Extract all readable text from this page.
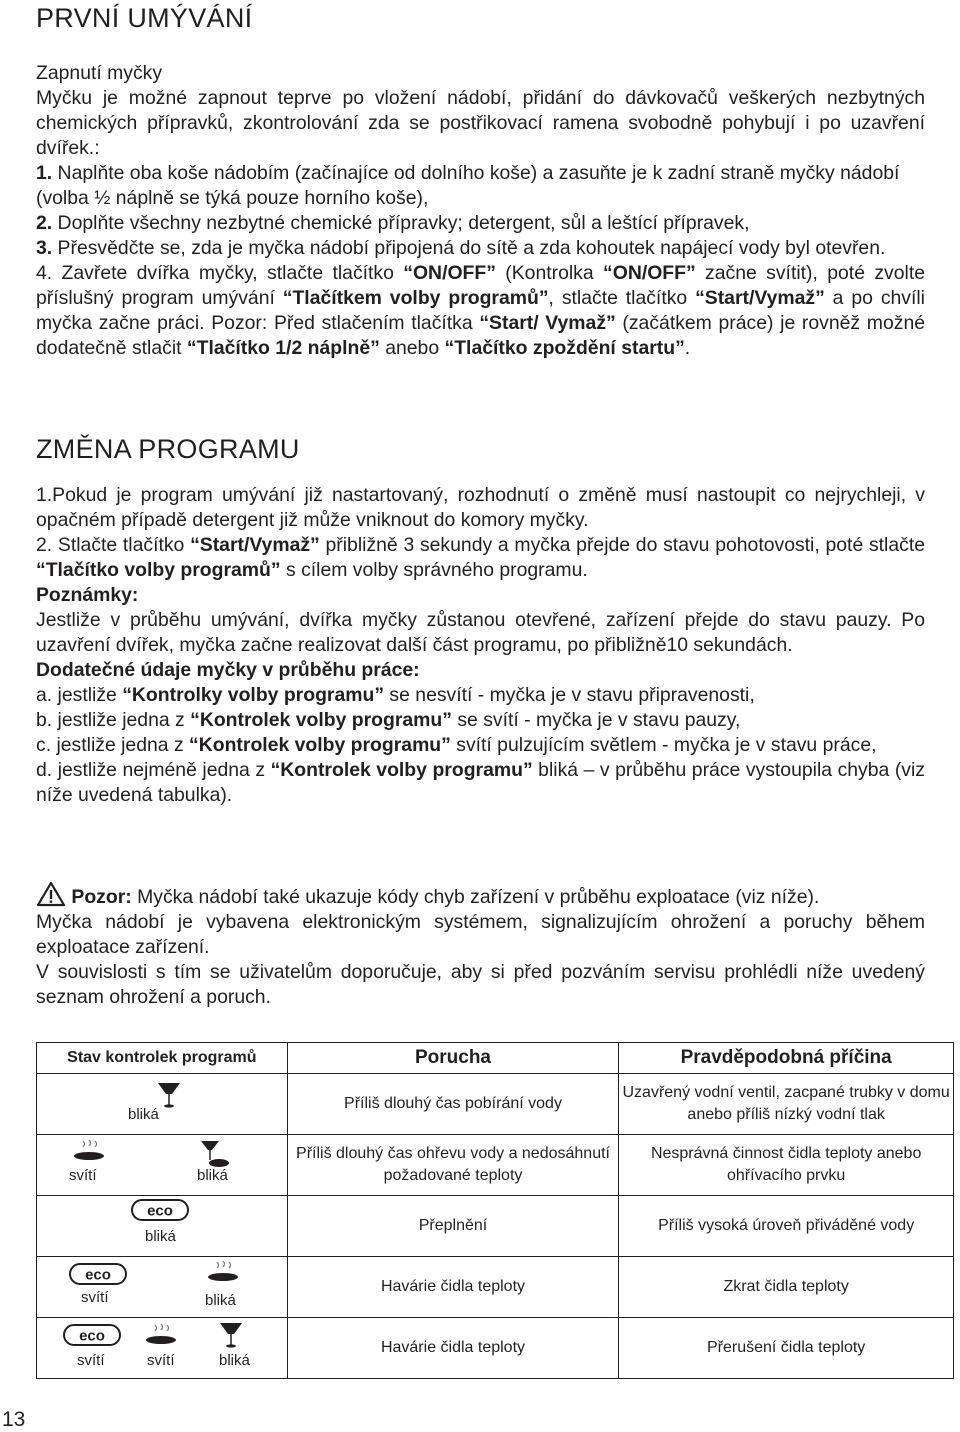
PRVNÍ UMÝVÁNÍ

Zapnutí myčky

Myčku je možné zapnout teprve po vložení nádobí, přidání do dávkovačů veškerých nezbytných chemických přípravků, zkontrolování zda se postřikovací ramena svobodně pohybují i po uzavření dvířek.:

1. Naplňte oba koše nádobím (začínajíce od dolního koše) a zasuňte je k zadní straně myčky nádobí (volba ½ náplně se týká pouze horního koše),

2. Doplňte všechny nezbytné chemické přípravky; detergent, sůl a leštící přípravek,

3. Přesvědčte se, zda je myčka nádobí připojená do sítě a zda kohoutek napájecí vody byl otevřen.

4. Zavřete dvířka myčky, stlačte tlačítko “ON/OFF” (Kontrolka “ON/OFF” začne svítit), poté zvolte příslušný program umývání “Tlačítkem volby programů”, stlačte tlačítko “Start/Vymaž” a po chvíli myčka začne práci. Pozor: Před stlačením tlačítka “Start/ Vymaž” (začátkem práce) je rovněž možné dodatečně stlačit “Tlačítko 1/2 náplně” anebo “Tlačítko zpoždění startu”.

ZMĚNA PROGRAMU

1.Pokud je program umývání již nastartovaný, rozhodnutí o změně musí nastoupit co nejrychleji, v opačném případě detergent již může vniknout do komory myčky.

2. Stlačte tlačítko “Start/Vymaž” přibližně 3 sekundy a myčka přejde do stavu pohotovosti, poté stlačte “Tlačítko volby programů” s cílem volby správného programu.

Poznámky:

Jestliže v průběhu umývání, dvířka myčky zůstanou otevřené, zařízení přejde do stavu pauzy. Po uzavření dvířek, myčka začne realizovat další část programu, po přibližně10 sekundách.

Dodatečné údaje myčky v průběhu práce:

a. jestliže “Kontrolky volby programu” se nesvítí - myčka je v stavu připravenosti,

b. jestliže jedna z “Kontrolek volby programu” se svítí - myčka je v stavu pauzy,

c. jestliže jedna z “Kontrolek volby programu” svítí pulzujícím světlem - myčka je v stavu práce,

d. jestliže nejméně jedna z “Kontrolek volby programu” bliká – v průběhu práce vystoupila chyba (viz níže uvedená tabulka).

Pozor: Myčka nádobí také ukazuje kódy chyb zařízení v průběhu exploatace (viz níže).

Myčka nádobí je vybavena elektronickým systémem, signalizujícím ohrožení a poruchy během exploatace zařízení.

V souvislosti s tím se uživatelům doporučuje, aby si před pozváním servisu prohlédli níže uvedený seznam ohrožení a poruch.

Stav kontrolek programů	Porucha	Pravděpodobná příčina

bliká	Příliš dlouhý čas pobírání vody	Uzavřený vodní ventil, zacpané trubky v domu anebo příliš nízký vodní tlak

svítí bliká	Příliš dlouhý čas ohřevu vody a nedosáhnutí požadované teploty	Nesprávná činnost čidla teploty anebo ohřívacího prvku

eco
bliká	Přeplnění	Příliš vysoká úroveň přiváděné vody

eco
svítí bliká	Havárie čidla teploty	Zkrat čidla teploty

eco
svítí svítí bliká	Havárie čidla teploty	Přerušení čidla teploty
13
